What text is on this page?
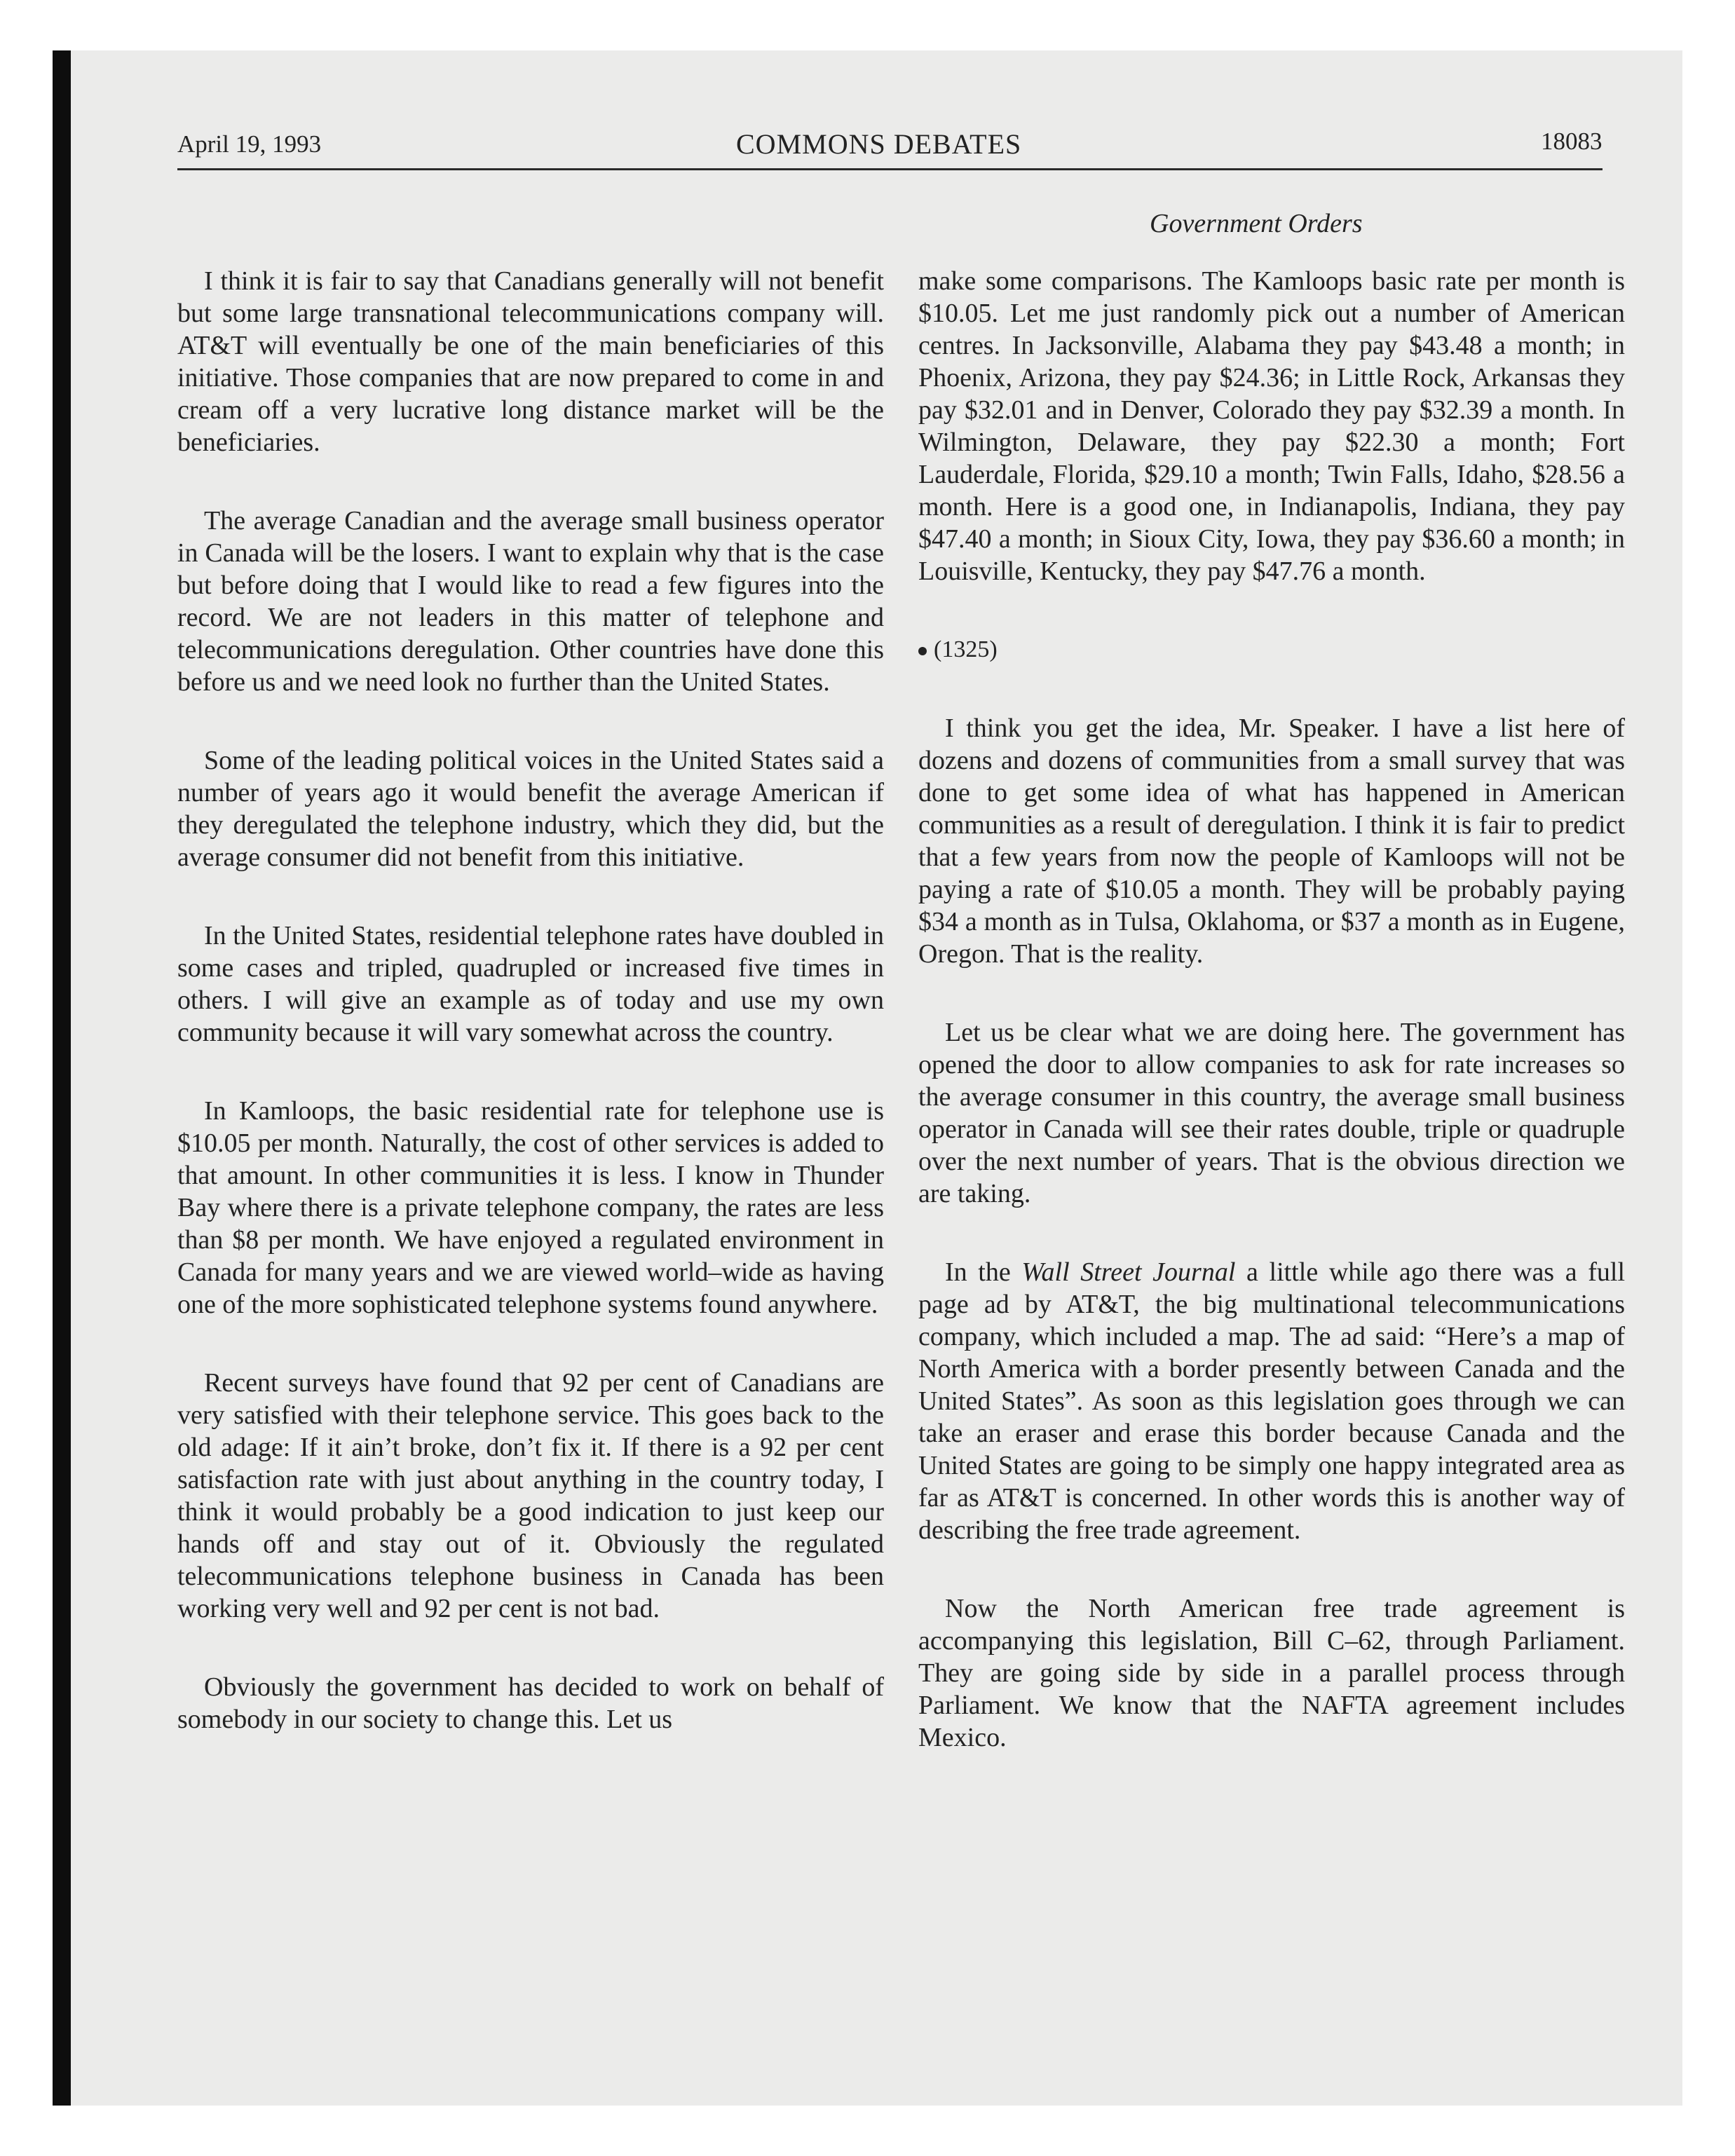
April 19, 1993	COMMONS DEBATES	18083
Government Orders

I think it is fair to say that Canadians generally will not benefit but some large transnational telecommunications company will. AT&T will eventually be one of the main beneficiaries of this initiative. Those companies that are now prepared to come in and cream off a very lucrative long distance market will be the beneficiaries.

The average Canadian and the average small business operator in Canada will be the losers. I want to explain why that is the case but before doing that I would like to read a few figures into the record. We are not leaders in this matter of telephone and telecommunications deregulation. Other countries have done this before us and we need look no further than the United States.

Some of the leading political voices in the United States said a number of years ago it would benefit the average American if they deregulated the telephone industry, which they did, but the average consumer did not benefit from this initiative.

In the United States, residential telephone rates have doubled in some cases and tripled, quadrupled or increased five times in others. I will give an example as of today and use my own community because it will vary somewhat across the country.

In Kamloops, the basic residential rate for telephone use is $10.05 per month. Naturally, the cost of other services is added to that amount. In other communities it is less. I know in Thunder Bay where there is a private telephone company, the rates are less than $8 per month. We have enjoyed a regulated environment in Canada for many years and we are viewed world–wide as having one of the more sophisticated telephone systems found anywhere.

Recent surveys have found that 92 per cent of Canadians are very satisfied with their telephone service. This goes back to the old adage: If it ain’t broke, don’t fix it. If there is a 92 per cent satisfaction rate with just about anything in the country today, I think it would probably be a good indication to just keep our hands off and stay out of it. Obviously the regulated telecommunications telephone business in Canada has been working very well and 92 per cent is not bad.

Obviously the government has decided to work on behalf of somebody in our society to change this. Let us

make some comparisons. The Kamloops basic rate per month is $10.05. Let me just randomly pick out a number of American centres. In Jacksonville, Alabama they pay $43.48 a month; in Phoenix, Arizona, they pay $24.36; in Little Rock, Arkansas they pay $32.01 and in Denver, Colorado they pay $32.39 a month. In Wilmington, Delaware, they pay $22.30 a month; Fort Lauderdale, Florida, $29.10 a month; Twin Falls, Idaho, $28.56 a month. Here is a good one, in Indianapolis, Indiana, they pay $47.40 a month; in Sioux City, Iowa, they pay $36.60 a month; in Louisville, Kentucky, they pay $47.76 a month.

(1325)

I think you get the idea, Mr. Speaker. I have a list here of dozens and dozens of communities from a small survey that was done to get some idea of what has happened in American communities as a result of deregulation. I think it is fair to predict that a few years from now the people of Kamloops will not be paying a rate of $10.05 a month. They will be probably paying $34 a month as in Tulsa, Oklahoma, or $37 a month as in Eugene, Oregon. That is the reality.

Let us be clear what we are doing here. The government has opened the door to allow companies to ask for rate increases so the average consumer in this country, the average small business operator in Canada will see their rates double, triple or quadruple over the next number of years. That is the obvious direction we are taking.

In the Wall Street Journal a little while ago there was a full page ad by AT&T, the big multinational telecommunications company, which included a map. The ad said: “Here’s a map of North America with a border presently between Canada and the United States”. As soon as this legislation goes through we can take an eraser and erase this border because Canada and the United States are going to be simply one happy integrated area as far as AT&T is concerned. In other words this is another way of describing the free trade agreement.

Now the North American free trade agreement is accompanying this legislation, Bill C–62, through Parliament. They are going side by side in a parallel process through Parliament. We know that the NAFTA agreement includes Mexico.
